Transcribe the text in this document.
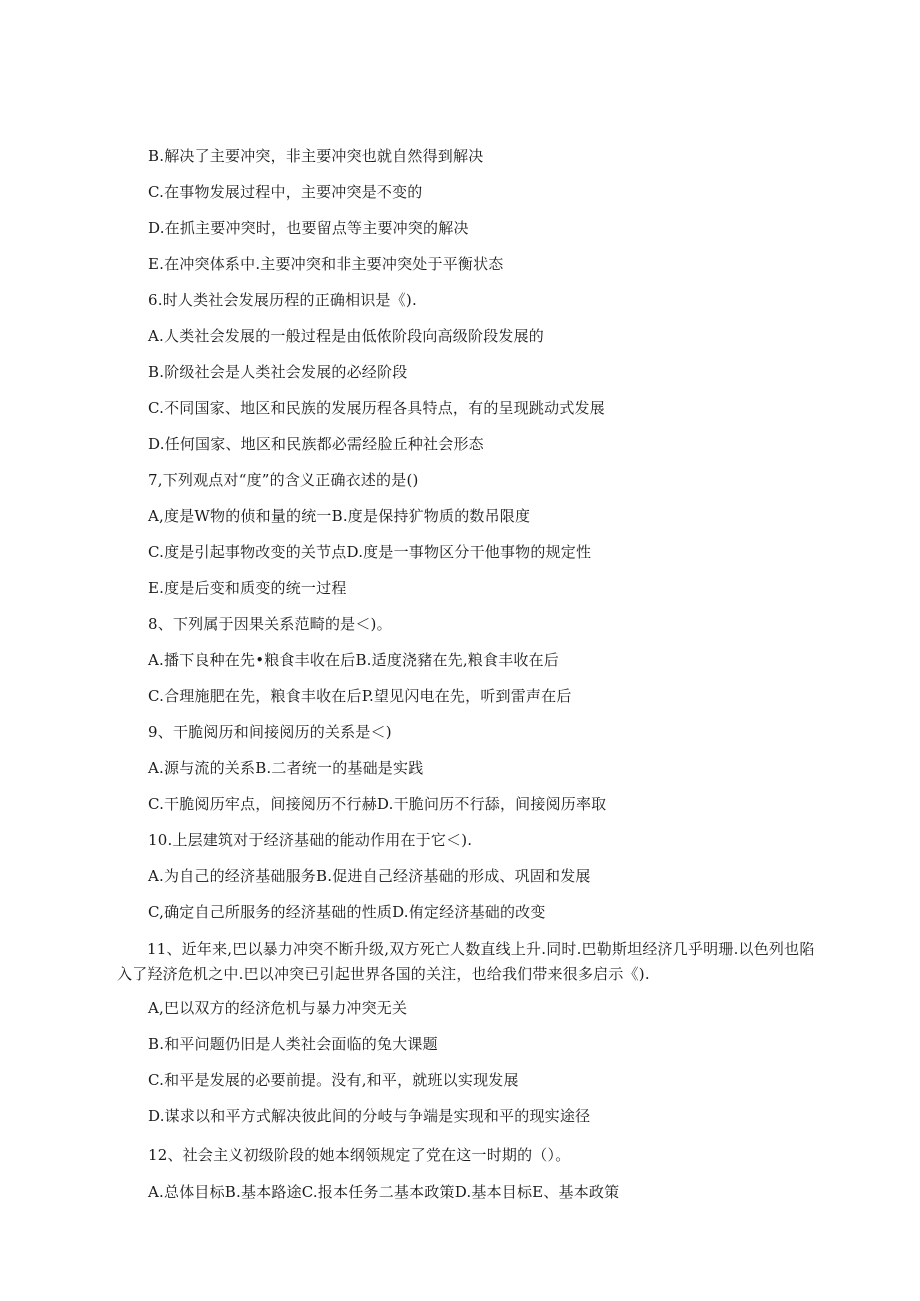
B.解决了主要冲突，非主要冲突也就自然得到解决
C.在事物发展过程中，主要冲突是不变的
D.在抓主要冲突时，也要留点等主要冲突的解决
E.在冲突体系中.主要冲突和非主要冲突处于平衡状态
6.时人类社会发展历程的正确相识是《).
A.人类社会发展的一般过程是由低侬阶段向高级阶段发展的
B.阶级社会是人类社会发展的必经阶段
C.不同国家、地区和民族的发展历程各具特点，有的呈现跳动式发展
D.任何国家、地区和民族都必需经脸丘种社会形态
7,下列观点对“度”的含义正确衣述的是()
A,度是W物的侦和量的统一B.度是保持犷物质的数吊限度
C.度是引起事物改变的关节点D.度是一事物区分干他事物的规定性
E.度是后变和质变的统一过程
8、下列属于因果关系范畸的是＜)。
A.播下良种在先•粮食丰收在后B.适度浇豬在先,粮食丰收在后
C.合理施肥在先，粮食丰收在后P.望见闪电在先，听到雷声在后
9、干脆阅历和间接阅历的关系是＜)
A.源与流的关系B.二者统一的基础是实践
C.干脆阅历牢点，间接阅历不行赫D.干脆问历不行舔，间接阅历率取
10.上层建筑对于经济基础的能动作用在于它＜).
A.为自己的经济基础服务B.促进自己经济基础的形成、巩固和发展
C,确定自己所服务的经济基础的性质D.侑定经济基础的改变
11、近年来,巴以暴力冲突不断升级,双方死亡人数直线上升.同时.巴勒斯坦经济几乎明珊.以色列也陷入了羟济危机之中.巴以冲突已引起世界各国的关注，也给我们带来很多启示《).
A,巴以双方的经济危机与暴力冲突无关
B.和平问题仍旧是人类社会面临的兔大课题
C.和平是发展的必要前提。没有,和平，就班以实现发展
D.谋求以和平方式解决彼此间的分岐与争端是实现和平的现实途径
12、社会主义初级阶段的她本纲领规定了党在这一时期的（）。
A.总体目标B.基本路途C.报本任务二基本政策D.基本目标E、基本政策
